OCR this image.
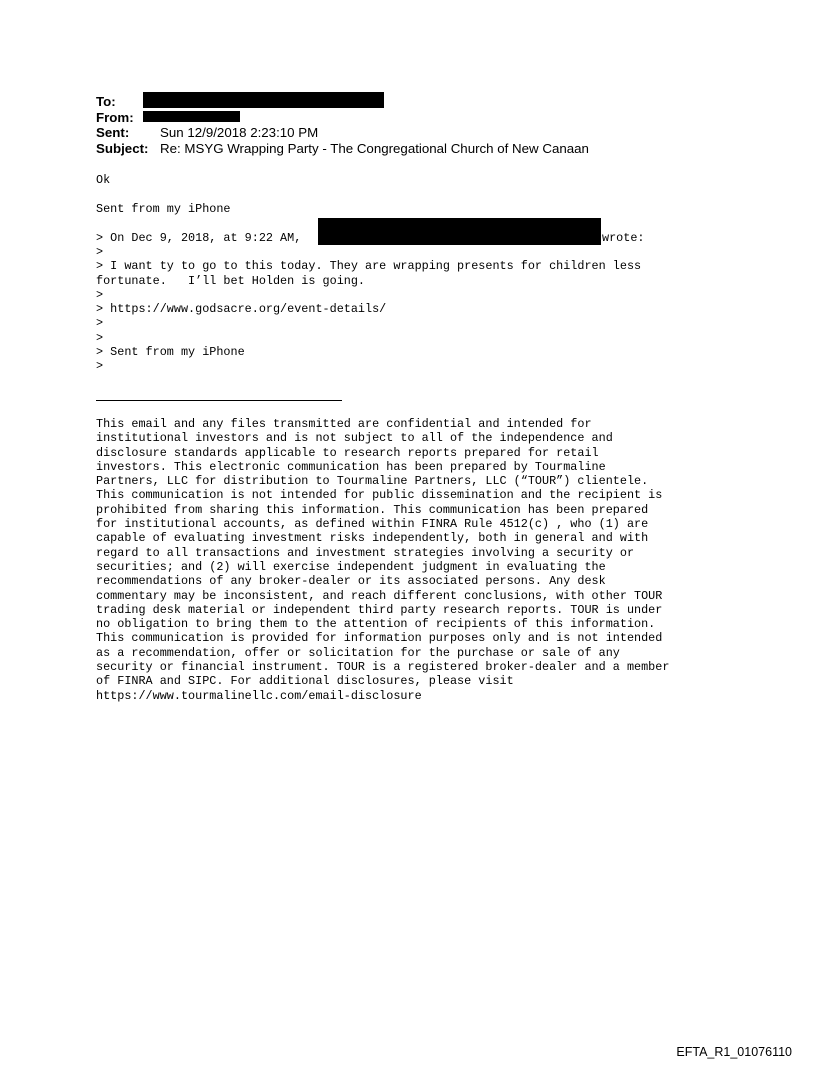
To:
From:
Sent: Sun 12/9/2018 2:23:10 PM
Subject: Re: MSYG Wrapping Party - The Congregational Church of New Canaan
Ok
Sent from my iPhone
> On Dec 9, 2018, at 9:22 AM,	wrote:
>
> I want ty to go to this today. They are wrapping presents for children less
fortunate.   I’ll bet Holden is going.
>
> https://www.godsacre.org/event-details/
>
>
> Sent from my iPhone
>
This email and any files transmitted are confidential and intended for
institutional investors and is not subject to all of the independence and
disclosure standards applicable to research reports prepared for retail
investors. This electronic communication has been prepared by Tourmaline
Partners, LLC for distribution to Tourmaline Partners, LLC (“TOUR”) clientele.
This communication is not intended for public dissemination and the recipient is
prohibited from sharing this information. This communication has been prepared
for institutional accounts, as defined within FINRA Rule 4512(c) , who (1) are
capable of evaluating investment risks independently, both in general and with
regard to all transactions and investment strategies involving a security or
securities; and (2) will exercise independent judgment in evaluating the
recommendations of any broker-dealer or its associated persons. Any desk
commentary may be inconsistent, and reach different conclusions, with other TOUR
trading desk material or independent third party research reports. TOUR is under
no obligation to bring them to the attention of recipients of this information.
This communication is provided for information purposes only and is not intended
as a recommendation, offer or solicitation for the purchase or sale of any
security or financial instrument. TOUR is a registered broker-dealer and a member
of FINRA and SIPC. For additional disclosures, please visit
https://www.tourmalinellc.com/email-disclosure
EFTA_R1_01076110
